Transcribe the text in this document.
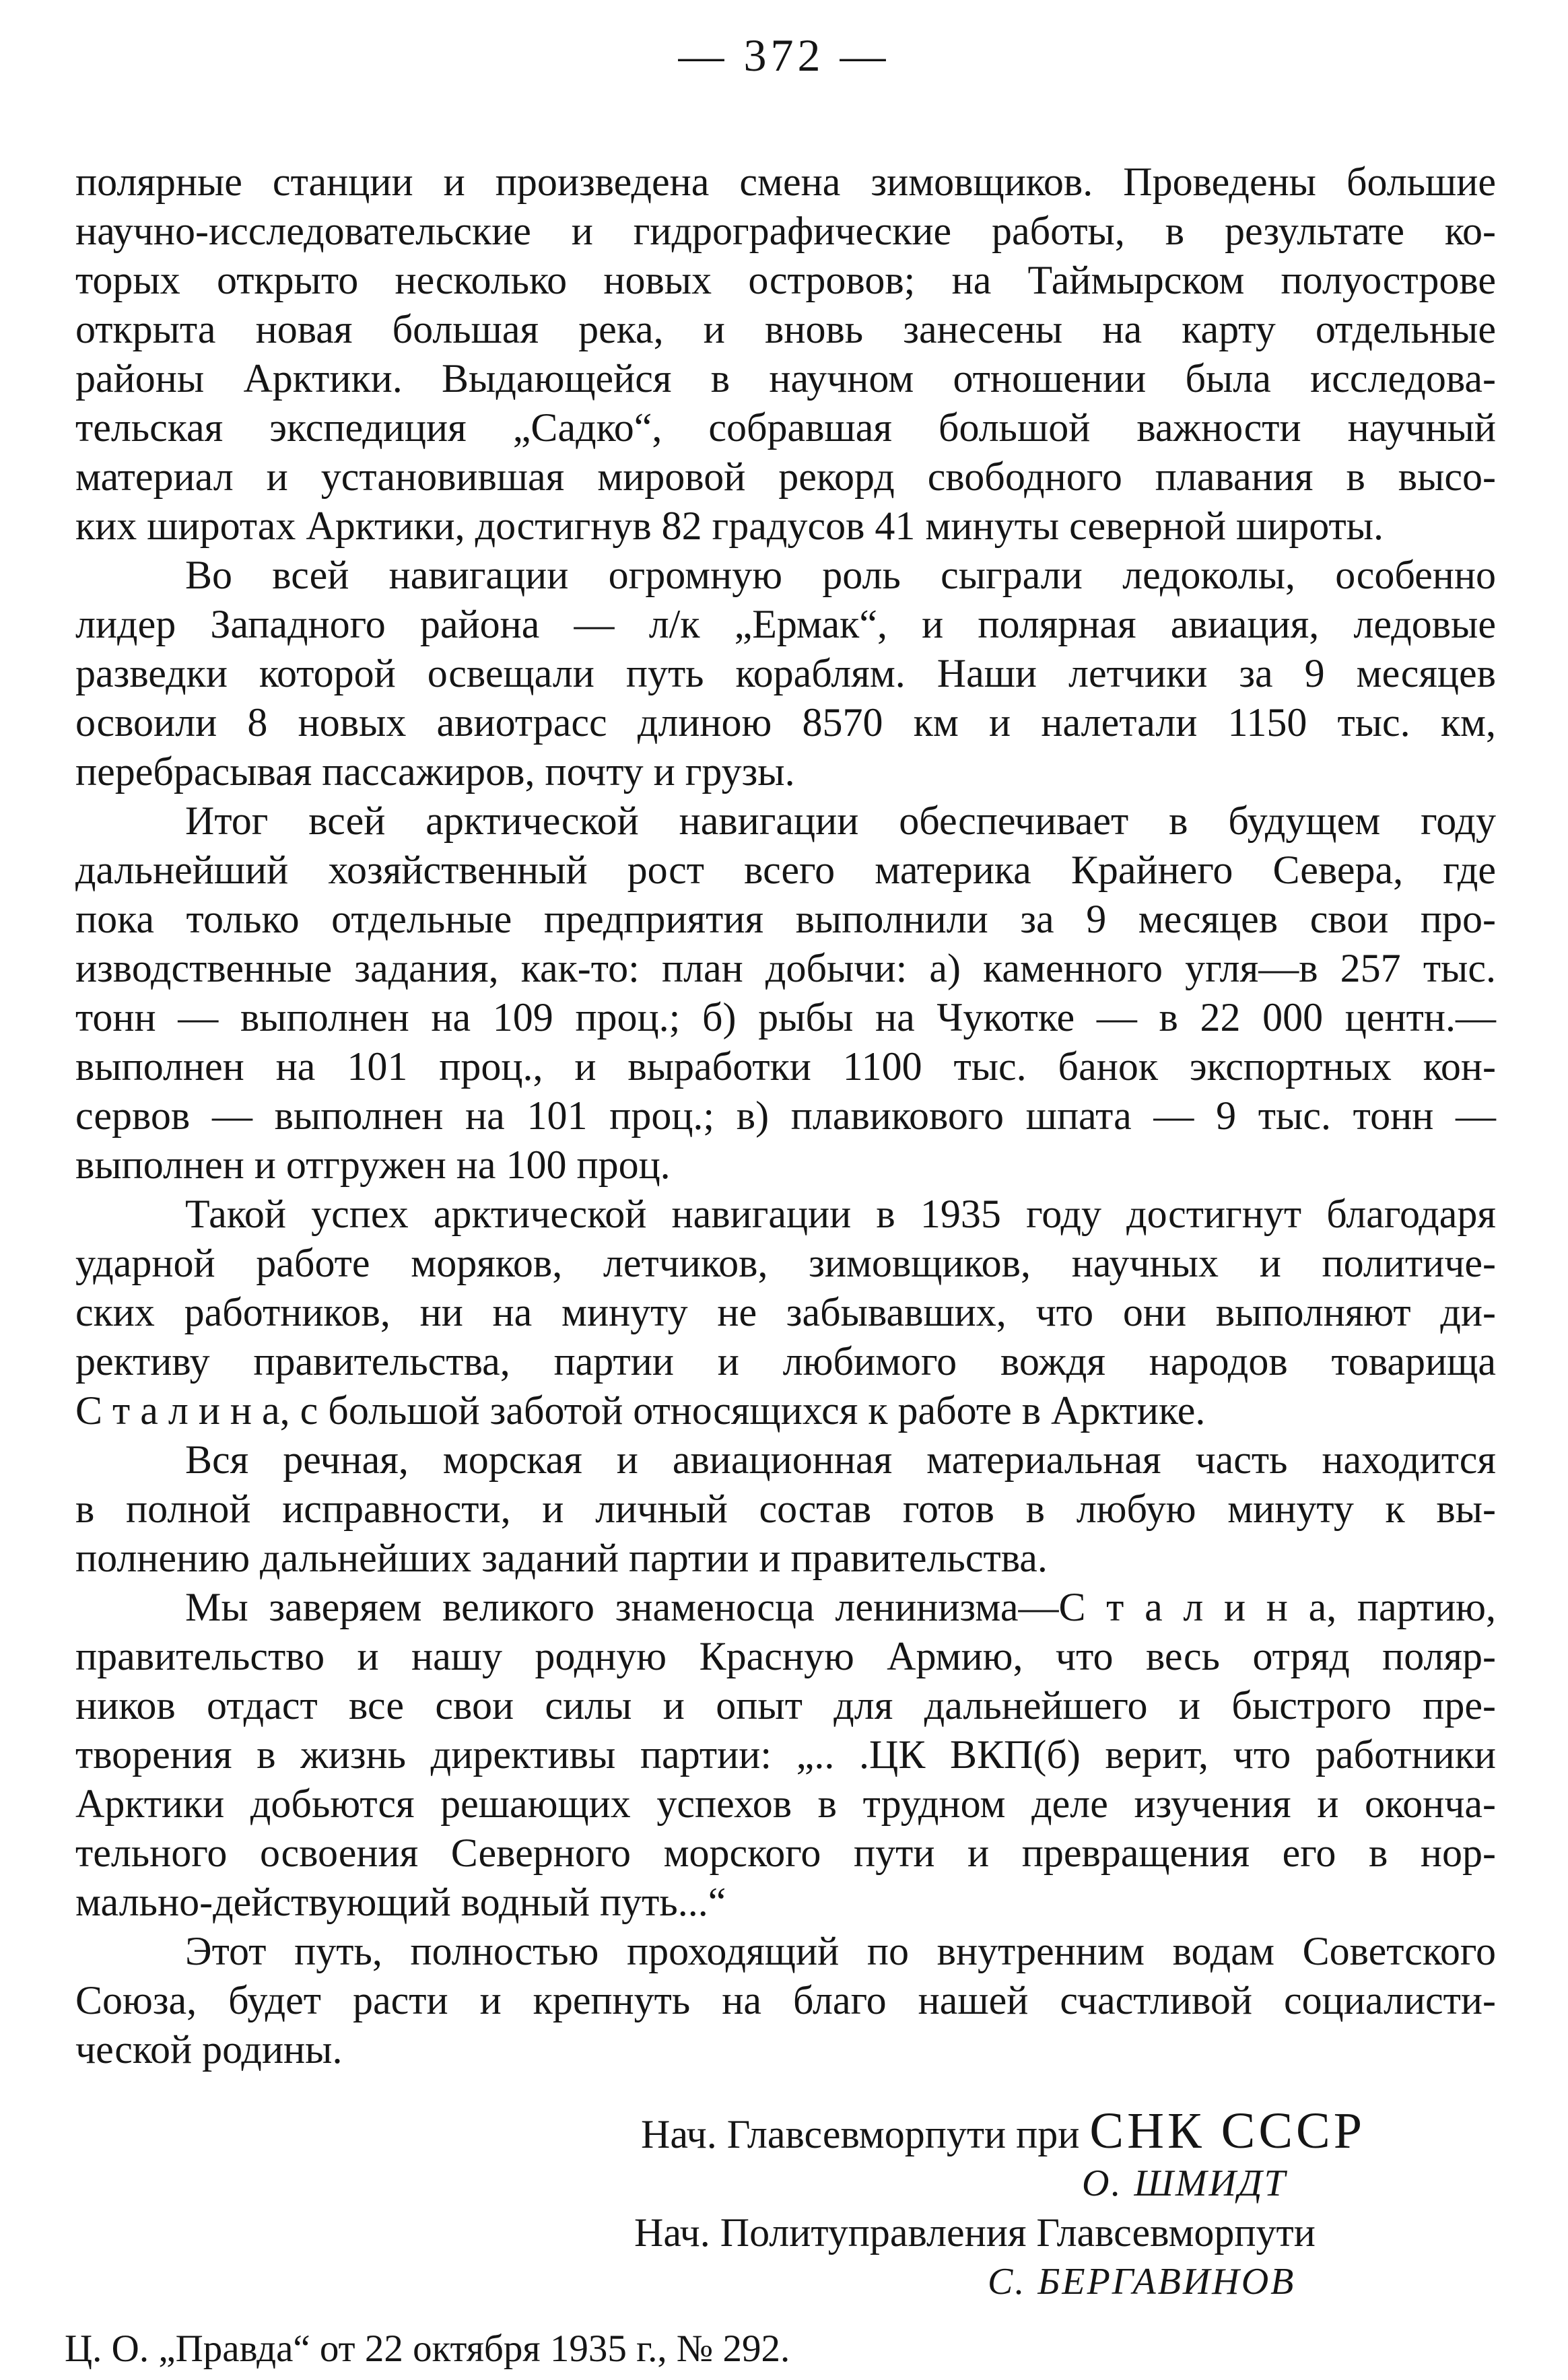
— 372 —
полярные станции и произведена смена зимовщиков. Проведены большие
научно-исследовательские и гидрографические работы, в результате ко-
торых открыто несколько новых островов; на Таймырском полуострове
открыта новая большая река, и вновь занесены на карту отдельные
районы Арктики. Выдающейся в научном отношении была исследова-
тельская экспедиция „Садко“, собравшая большой важности научный
материал и установившая мировой рекорд свободного плавания в высо-
ких широтах Арктики, достигнув 82 градусов 41 минуты северной широты.
Во всей навигации огромную роль сыграли ледоколы, особенно
лидер Западного района — л/к „Ермак“, и полярная авиация, ледовые
разведки которой освещали путь кораблям. Наши летчики за 9 месяцев
освоили 8 новых авиотрасс длиною 8570 км и налетали 1150 тыс. км,
перебрасывая пассажиров, почту и грузы.
Итог всей арктической навигации обеспечивает в будущем году
дальнейший хозяйственный рост всего материка Крайнего Севера, где
пока только отдельные предприятия выполнили за 9 месяцев свои про-
изводственные задания, как-то: план добычи: а) каменного угля—в 257 тыс.
тонн — выполнен на 109 проц.; б) рыбы на Чукотке — в 22 000 центн.—
выполнен на 101 проц., и выработки 1100 тыс. банок экспортных кон-
сервов — выполнен на 101 проц.; в) плавикового шпата — 9 тыс. тонн —
выполнен и отгружен на 100 проц.
Такой успех арктической навигации в 1935 году достигнут благодаря
ударной работе моряков, летчиков, зимовщиков, научных и политиче-
ских работников, ни на минуту не забывавших, что они выполняют ди-
рективу правительства, партии и любимого вождя народов товарища
С т а л и н а, с большой заботой относящихся к работе в Арктике.
Вся речная, морская и авиационная материальная часть находится
в полной исправности, и личный состав готов в любую минуту к вы-
полнению дальнейших заданий партии и правительства.
Мы заверяем великого знаменосца ленинизма—С т а л и н а, партию,
правительство и нашу родную Красную Армию, что весь отряд поляр-
ников отдаст все свои силы и опыт для дальнейшего и быстрого пре-
творения в жизнь директивы партии: „.. .ЦК ВКП(б) верит, что работники
Арктики добьются решающих успехов в трудном деле изучения и оконча-
тельного освоения Северного морского пути и превращения его в нор-
мально-действующий водный путь...“
Этот путь, полностью проходящий по внутренним водам Советского
Союза, будет расти и крепнуть на благо нашей счастливой социалисти-
ческой родины.
Нач. Главсевморпути при СНК СССР
О. ШМИДТ
Нач. Политуправления Главсевморпути
С. БЕРГАВИНОВ
Ц. О. „Правда“ от 22 октября 1935 г., № 292.
